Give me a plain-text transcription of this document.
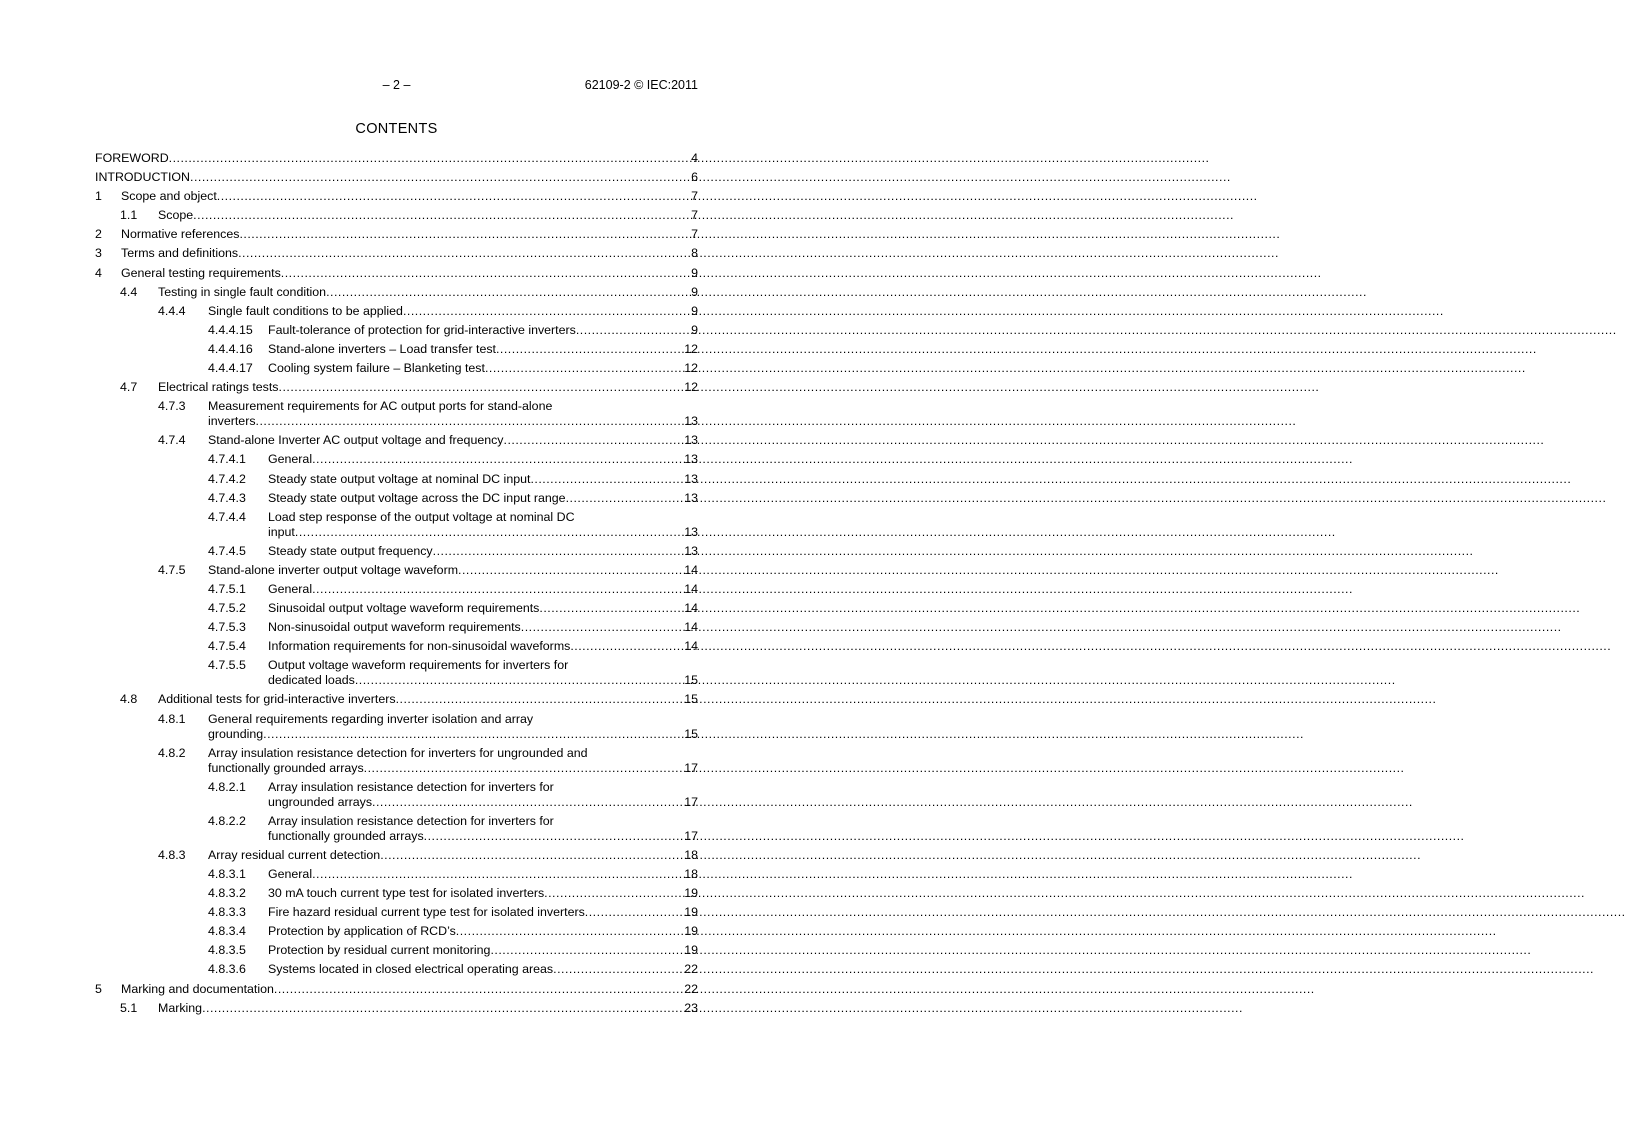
– 2 –	62109-2 © IEC:2011
CONTENTS
FOREWORD .....	4
INTRODUCTION .....	6
1	Scope and object .....	7
1.1	Scope .....	7
2	Normative references .....	7
3	Terms and definitions .....	8
4	General testing requirements .....	9
4.4	Testing in single fault condition .....	9
4.4.4	Single fault conditions to be applied .....	9
4.4.4.15	Fault-tolerance of protection for grid-interactive inverters .....	9
4.4.4.16	Stand-alone inverters – Load transfer test .....	12
4.4.4.17	Cooling system failure – Blanketing test .....	12
4.7	Electrical ratings tests .....	12
4.7.3	Measurement requirements for AC output ports for stand-alone
inverters .....	13
4.7.4	Stand-alone Inverter AC output voltage and frequency .....	13
4.7.4.1	General .....	13
4.7.4.2	Steady state output voltage at nominal DC input .....	13
4.7.4.3	Steady state output voltage across the DC input range .....	13
4.7.4.4	Load step response of the output voltage at nominal DC
input .....	13
4.7.4.5	Steady state output frequency .....	13
4.7.5	Stand-alone inverter output voltage waveform .....	14
4.7.5.1	General .....	14
4.7.5.2	Sinusoidal output voltage waveform requirements .....	14
4.7.5.3	Non-sinusoidal output waveform requirements .....	14
4.7.5.4	Information requirements for non-sinusoidal waveforms .....	14
4.7.5.5	Output voltage waveform requirements for inverters for
dedicated loads .....	15
4.8	Additional tests for grid-interactive inverters .....	15
4.8.1	General requirements regarding inverter isolation and array
grounding .....	15
4.8.2	Array insulation resistance detection for inverters for ungrounded and
functionally grounded arrays .....	17
4.8.2.1	Array insulation resistance detection for inverters for
ungrounded arrays .....	17
4.8.2.2	Array insulation resistance detection for inverters for
functionally grounded arrays .....	17
4.8.3	Array residual current detection .....	18
4.8.3.1	General .....	18
4.8.3.2	30 mA touch current type test for isolated inverters .....	19
4.8.3.3	Fire hazard residual current type test for isolated inverters .....	19
4.8.3.4	Protection by application of RCD’s .....	19
4.8.3.5	Protection by residual current monitoring .....	19
4.8.3.6	Systems located in closed electrical operating areas .....	22
5	Marking and documentation .....	22
5.1	Marking .....	23
